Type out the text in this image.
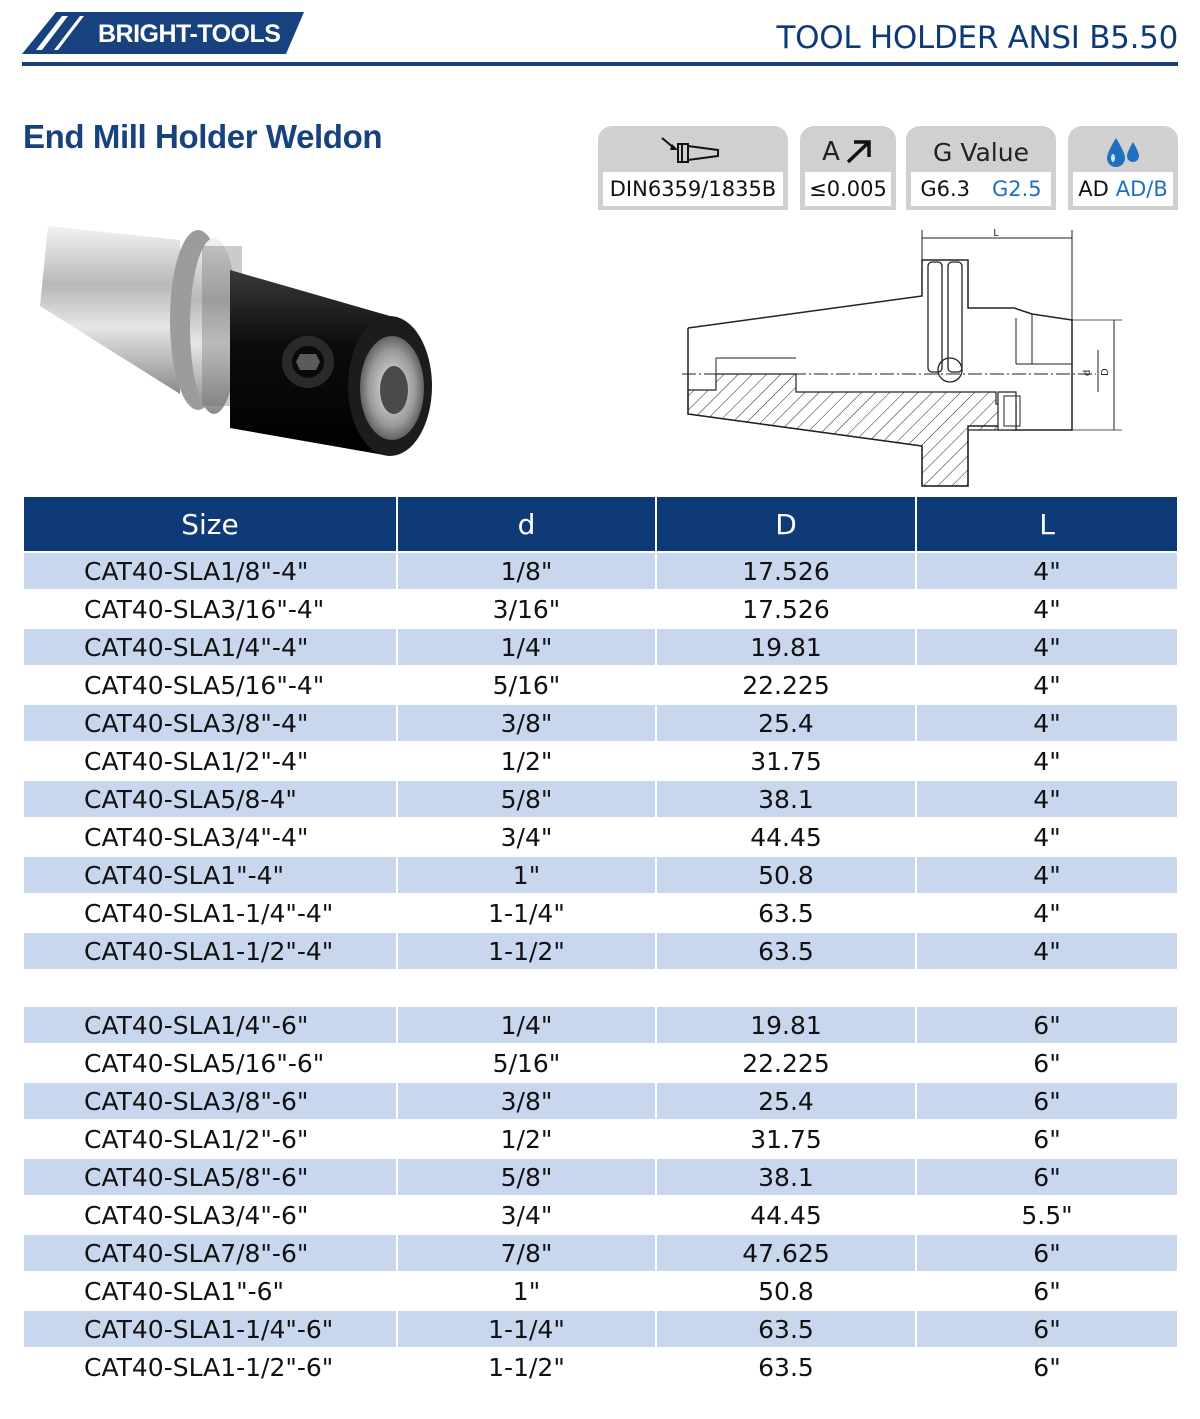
BRIGHT-TOOLS	TOOL HOLDER ANSI B5.50
End Mill Holder Weldon
DIN6359/1835B
A
≤0.005
G Value
G6.3 G2.5 AD AD/B
L
d D
Size	d	D	L
CAT40-SLA1/8"-4"	1/8"	17.526	4"
CAT40-SLA3/16"-4"	3/16"	17.526	4"
CAT40-SLA1/4"-4"	1/4"	19.81	4"
CAT40-SLA5/16"-4"	5/16"	22.225	4"
CAT40-SLA3/8"-4"	3/8"	25.4	4"
CAT40-SLA1/2"-4"	1/2"	31.75	4"
CAT40-SLA5/8-4"	5/8"	38.1	4"
CAT40-SLA3/4"-4"	3/4"	44.45	4"
CAT40-SLA1"-4"	1"	50.8	4"
CAT40-SLA1-1/4"-4"	1-1/4"	63.5	4"
CAT40-SLA1-1/2"-4"	1-1/2"	63.5	4"
CAT40-SLA1/4"-6"	1/4"	19.81	6"
CAT40-SLA5/16"-6"	5/16"	22.225	6"
CAT40-SLA3/8"-6"	3/8"	25.4	6"
CAT40-SLA1/2"-6"	1/2"	31.75	6"
CAT40-SLA5/8"-6"	5/8"	38.1	6"
CAT40-SLA3/4"-6"	3/4"	44.45	5.5"
CAT40-SLA7/8"-6"	7/8"	47.625	6"
CAT40-SLA1"-6"	1"	50.8	6"
CAT40-SLA1-1/4"-6"	1-1/4"	63.5	6"
CAT40-SLA1-1/2"-6"	1-1/2"	63.5	6"
